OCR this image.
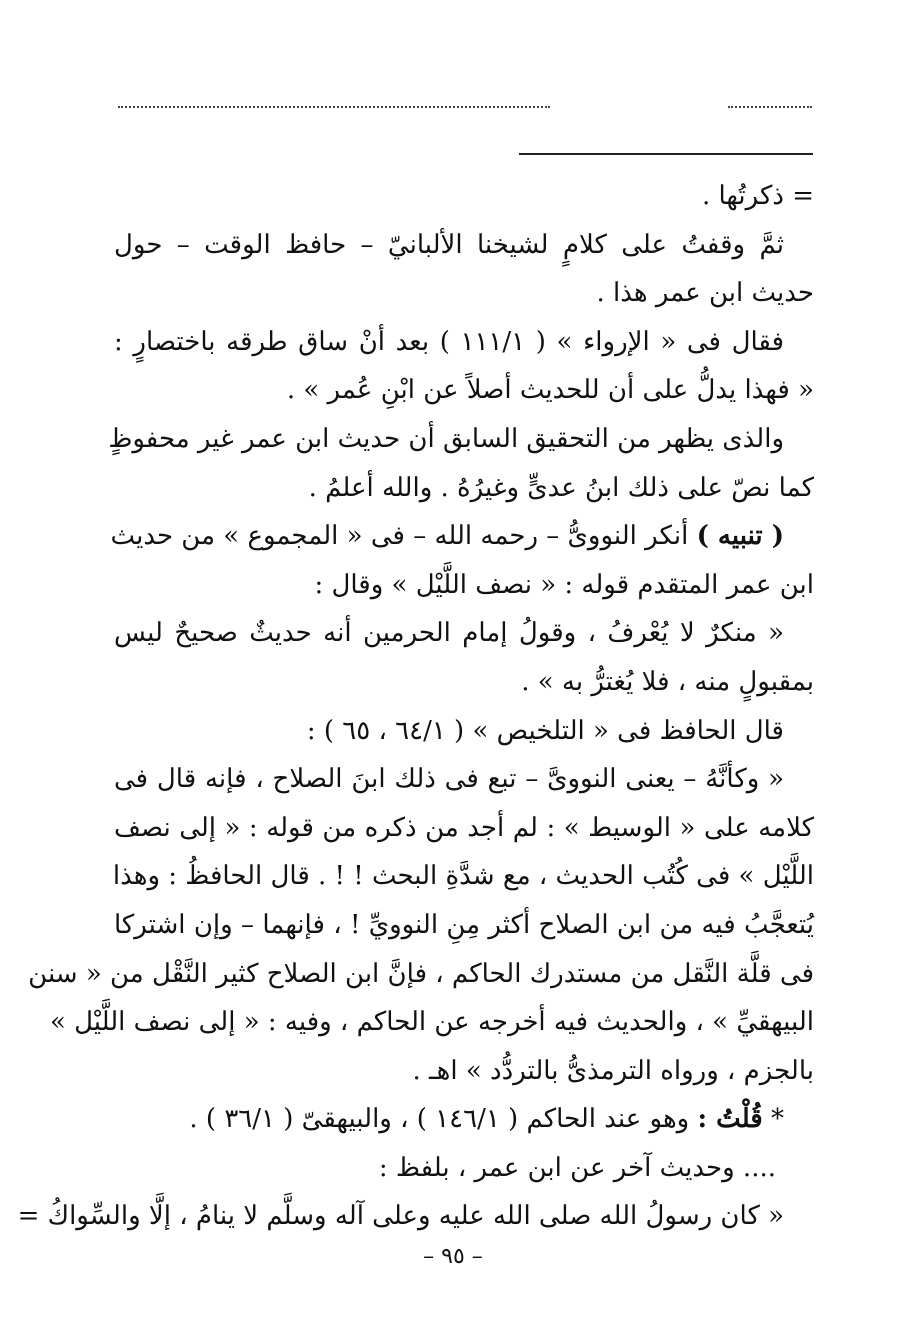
= ذكرتُها .
ثمَّ وقفتُ على كلامٍ لشيخنا الألبانيّ – حافظ الوقت – حول
حديث ابن عمر هذا .
فقال فى « الإرواء » ( ١١١/١ ) بعد أنْ ساق طرقه باختصارٍ :
« فهذا يدلُّ على أن للحديث أصلاً عن ابْنِ عُمر » .
والذى يظهر من التحقيق السابق أن حديث ابن عمر غير محفوظٍ
كما نصّ على ذلك ابنُ عدىٍّ وغيرُهُ . والله أعلمُ .
( تنبيه ) أنكر النووىُّ – رحمه الله – فى « المجموع » من حديث
ابن عمر المتقدم قوله : « نصف اللَّيْل » وقال :
« منكرٌ لا يُعْرفُ ، وقولُ إمام الحرمين أنه حديثٌ صحيحٌ ليس
بمقبولٍ منه ، فلا يُغترُّ به » .
قال الحافظ فى « التلخيص » ( ٦٤/١ ، ٦٥ ) :
« وكأنَّهُ – يعنى النووىَّ – تبع فى ذلك ابنَ الصلاح ، فإنه قال فى
كلامه على « الوسيط » : لم أجد من ذكره من قوله : « إلى نصف
اللَّيْل » فى كُتُب الحديث ، مع شدَّةِ البحث ! ! . قال الحافظُ : وهذا
يُتعجَّبُ فيه من ابن الصلاح أكثر مِنِ النوويِّ ! ، فإنهما – وإن اشتركا
فى قلَّة النَّقل من مستدرك الحاكم ، فإنَّ ابن الصلاح كثير النَّقْل من « سنن
البيهقيِّ » ، والحديث فيه أخرجه عن الحاكم ، وفيه : « إلى نصف اللَّيْل »
بالجزم ، ورواه الترمذىُّ بالتردُّد » اهـ .
* قُلْتُ : وهو عند الحاكم ( ١٤٦/١ ) ، والبيهقىّ ( ٣٦/١ ) .
.... وحديث آخر عن ابن عمر ، بلفظ :
« كان رسولُ الله صلى الله عليه وعلى آله وسلَّم لا ينامُ ، إلَّا والسِّواكُ =
– ٩٥ –
